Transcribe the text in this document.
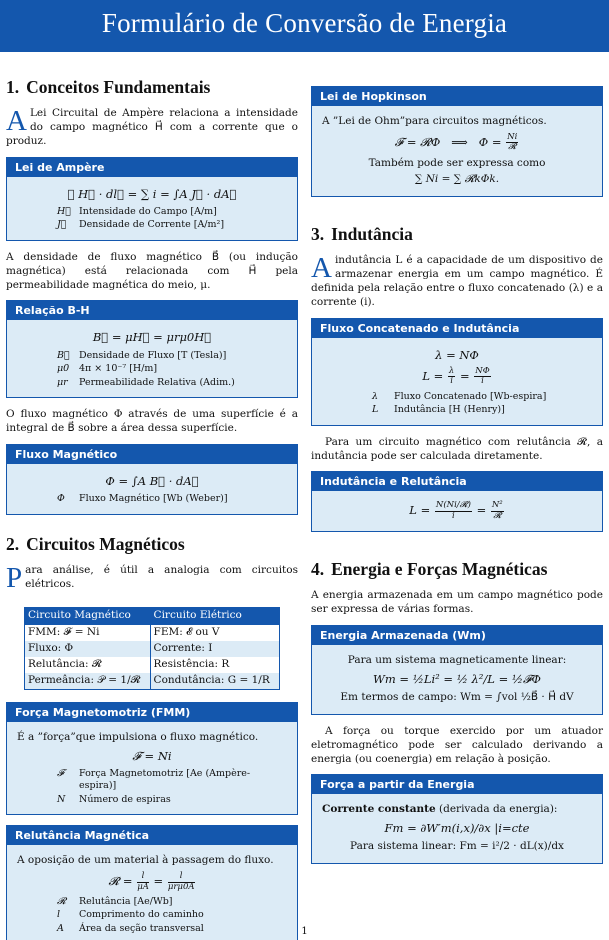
Formulário de Conversão de Energia
1. Conceitos Fundamentais

A Lei Circuital de Ampère relaciona a intensidade do campo magnético H⃗ com a corrente que o produz.

Lei de Ampère
∮ H⃗ · dl⃗ = ∑ i = ∫A J⃗ · dA⃗
H⃗ Intensidade do Campo [A/m]
J⃗	Densidade de Corrente [A/m²]

A densidade de fluxo magnético B⃗ (ou indução magnética) está relacionada com H⃗ pela permeabilidade magnética do meio, μ.

Relação B-H
B⃗ = μH⃗ = μrμ0H⃗
B⃗ Densidade de Fluxo [T (Tesla)]
μ0	4π × 10⁻⁷ [H/m]
μr	Permeabilidade Relativa (Adim.)

O fluxo magnético Φ através de uma superfície é a integral de B⃗ sobre a área dessa superfície.

Fluxo Magnético
Φ = ∫A B⃗ · dA⃗
Φ	Fluxo Magnético [Wb (Weber)]
2. Circuitos Magnéticos

Para análise, é útil a analogia com circuitos elétricos.

Circuito Magnético	Circuito Elétrico
FMM: 𝓕 = Ni	FEM: 𝓔 ou V
Fluxo: Φ	Corrente: I
Relutância: 𝓡	Resistência: R
Permeância: 𝒫 = 1/𝓡	Condutância: G = 1/R
Força Magnetomotriz (FMM)
É a ”força”que impulsiona o fluxo magnético.
𝓕 = Ni
𝓕	Força Magnetomotriz [Ae (Ampère-espira)]
N	Número de espiras
Relutância Magnética
A oposição de um material à passagem do fluxo.
𝓡 = $\frac{l}{\mu A} = \frac{l}{\text{μrμ0A}}$
𝓡	Relutância [Ae/Wb]
l	Comprimento do caminho
A	Área da seção transversal
Lei de Hopkinson
A ”Lei de Ohm”para circuitos magnéticos.
𝓕 = 𝓡Φ ⟹ $\Phi = \frac{Ni}{\text{𝓡}}$
Também pode ser expressa como
∑ Ni = ∑ 𝓡kΦk.
3. Indutância

Aindutância L é a capacidade de um dispositivo de armazenar energia em um campo magnético. É definida pela relação entre o fluxo concatenado (λ) e a corrente (i).

Fluxo Concatenado e Indutância
λ = NΦ
$L = \frac{\lambda}{i} = \frac{N\Phi}{i}$
λ	Fluxo Concatenado [Wb-espira]
L	Indutância [H (Henry)]

Para um circuito magnético com relutância 𝓡, a indutância pode ser calculada diretamente.

Indutância e Relutância
$L = \frac{\text{N(Ni/𝓡)}}{i} = \frac{\text{N²}}{\text{𝓡}}$
4. Energia e Forças Magnéticas

A energia armazenada em um campo magnético pode ser expressa de várias formas.

Energia Armazenada (Wm)
Para um sistema magneticamente linear:
Wm = ½Li² = ½ λ²/L = ½𝓕Φ
Em termos de campo: Wm = ∫vol ½B⃗ · H⃗ dV

A força ou torque exercido por um atuador eletromagnético pode ser calculado derivando a energia (ou coenergia) em relação à posição.

Força a partir da Energia
Corrente constante (derivada da energia):
Fm = ∂W′m(i,x)/∂x |i=cte
Para sistema linear: Fm = i²/2 · dL(x)/dx
1
